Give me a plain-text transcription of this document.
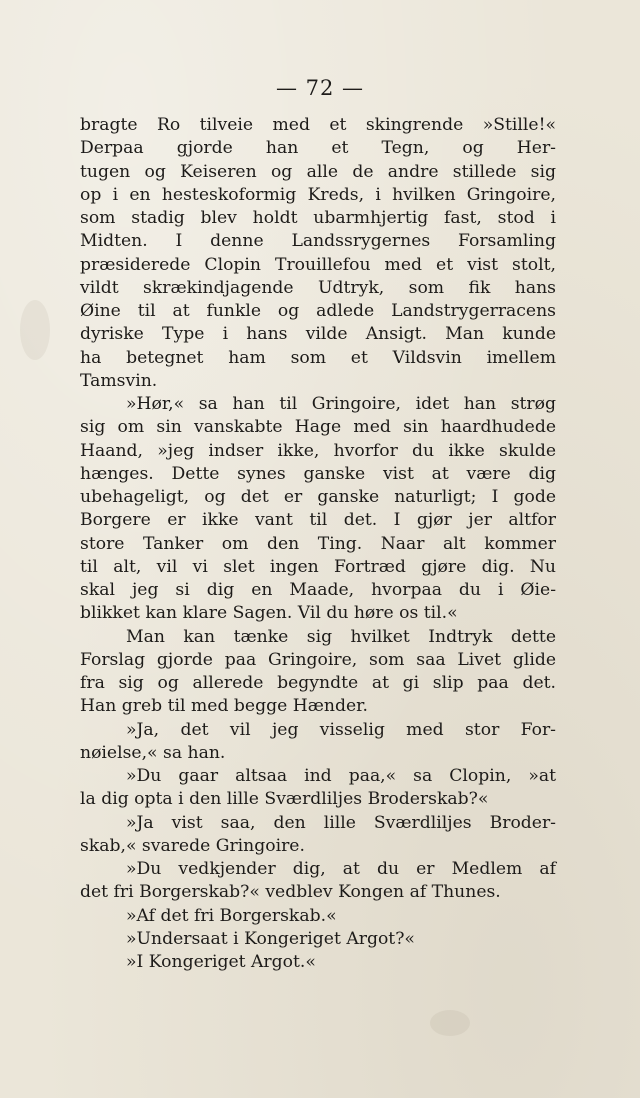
— 72 —
bragte Ro tilveie med et skingrende »Stille!«
Derpaa gjorde han et Tegn, og Her-
tugen og Keiseren og alle de andre stillede sig
op i en hesteskoformig Kreds, i hvilken Gringoire,
som stadig blev holdt ubarmhjertig fast, stod i
Midten. I denne Landssrygernes Forsamling
præsiderede Clopin Trouillefou med et vist stolt,
vildt skrækindjagende Udtryk, som fik hans
Øine til at funkle og adlede Landstrygerracens
dyriske Type i hans vilde Ansigt. Man kunde
ha betegnet ham som et Vildsvin imellem
Tamsvin.
»Hør,« sa han til Gringoire, idet han strøg
sig om sin vanskabte Hage med sin haardhudede
Haand, »jeg indser ikke, hvorfor du ikke skulde
hænges. Dette synes ganske vist at være dig
ubehageligt, og det er ganske naturligt; I gode
Borgere er ikke vant til det. I gjør jer altfor
store Tanker om den Ting. Naar alt kommer
til alt, vil vi slet ingen Fortræd gjøre dig. Nu
skal jeg si dig en Maade, hvorpaa du i Øie-
blikket kan klare Sagen. Vil du høre os til.«
Man kan tænke sig hvilket Indtryk dette
Forslag gjorde paa Gringoire, som saa Livet glide
fra sig og allerede begyndte at gi slip paa det.
Han greb til med begge Hænder.
»Ja, det vil jeg visselig med stor For-
nøielse,« sa han.
»Du gaar altsaa ind paa,« sa Clopin, »at
la dig opta i den lille Sværdliljes Broderskab?«
»Ja vist saa, den lille Sværdliljes Broder-
skab,« svarede Gringoire.
»Du vedkjender dig, at du er Medlem af
det fri Borgerskab?« vedblev Kongen af Thunes.
»Af det fri Borgerskab.«
»Undersaat i Kongeriget Argot?«
»I Kongeriget Argot.«
